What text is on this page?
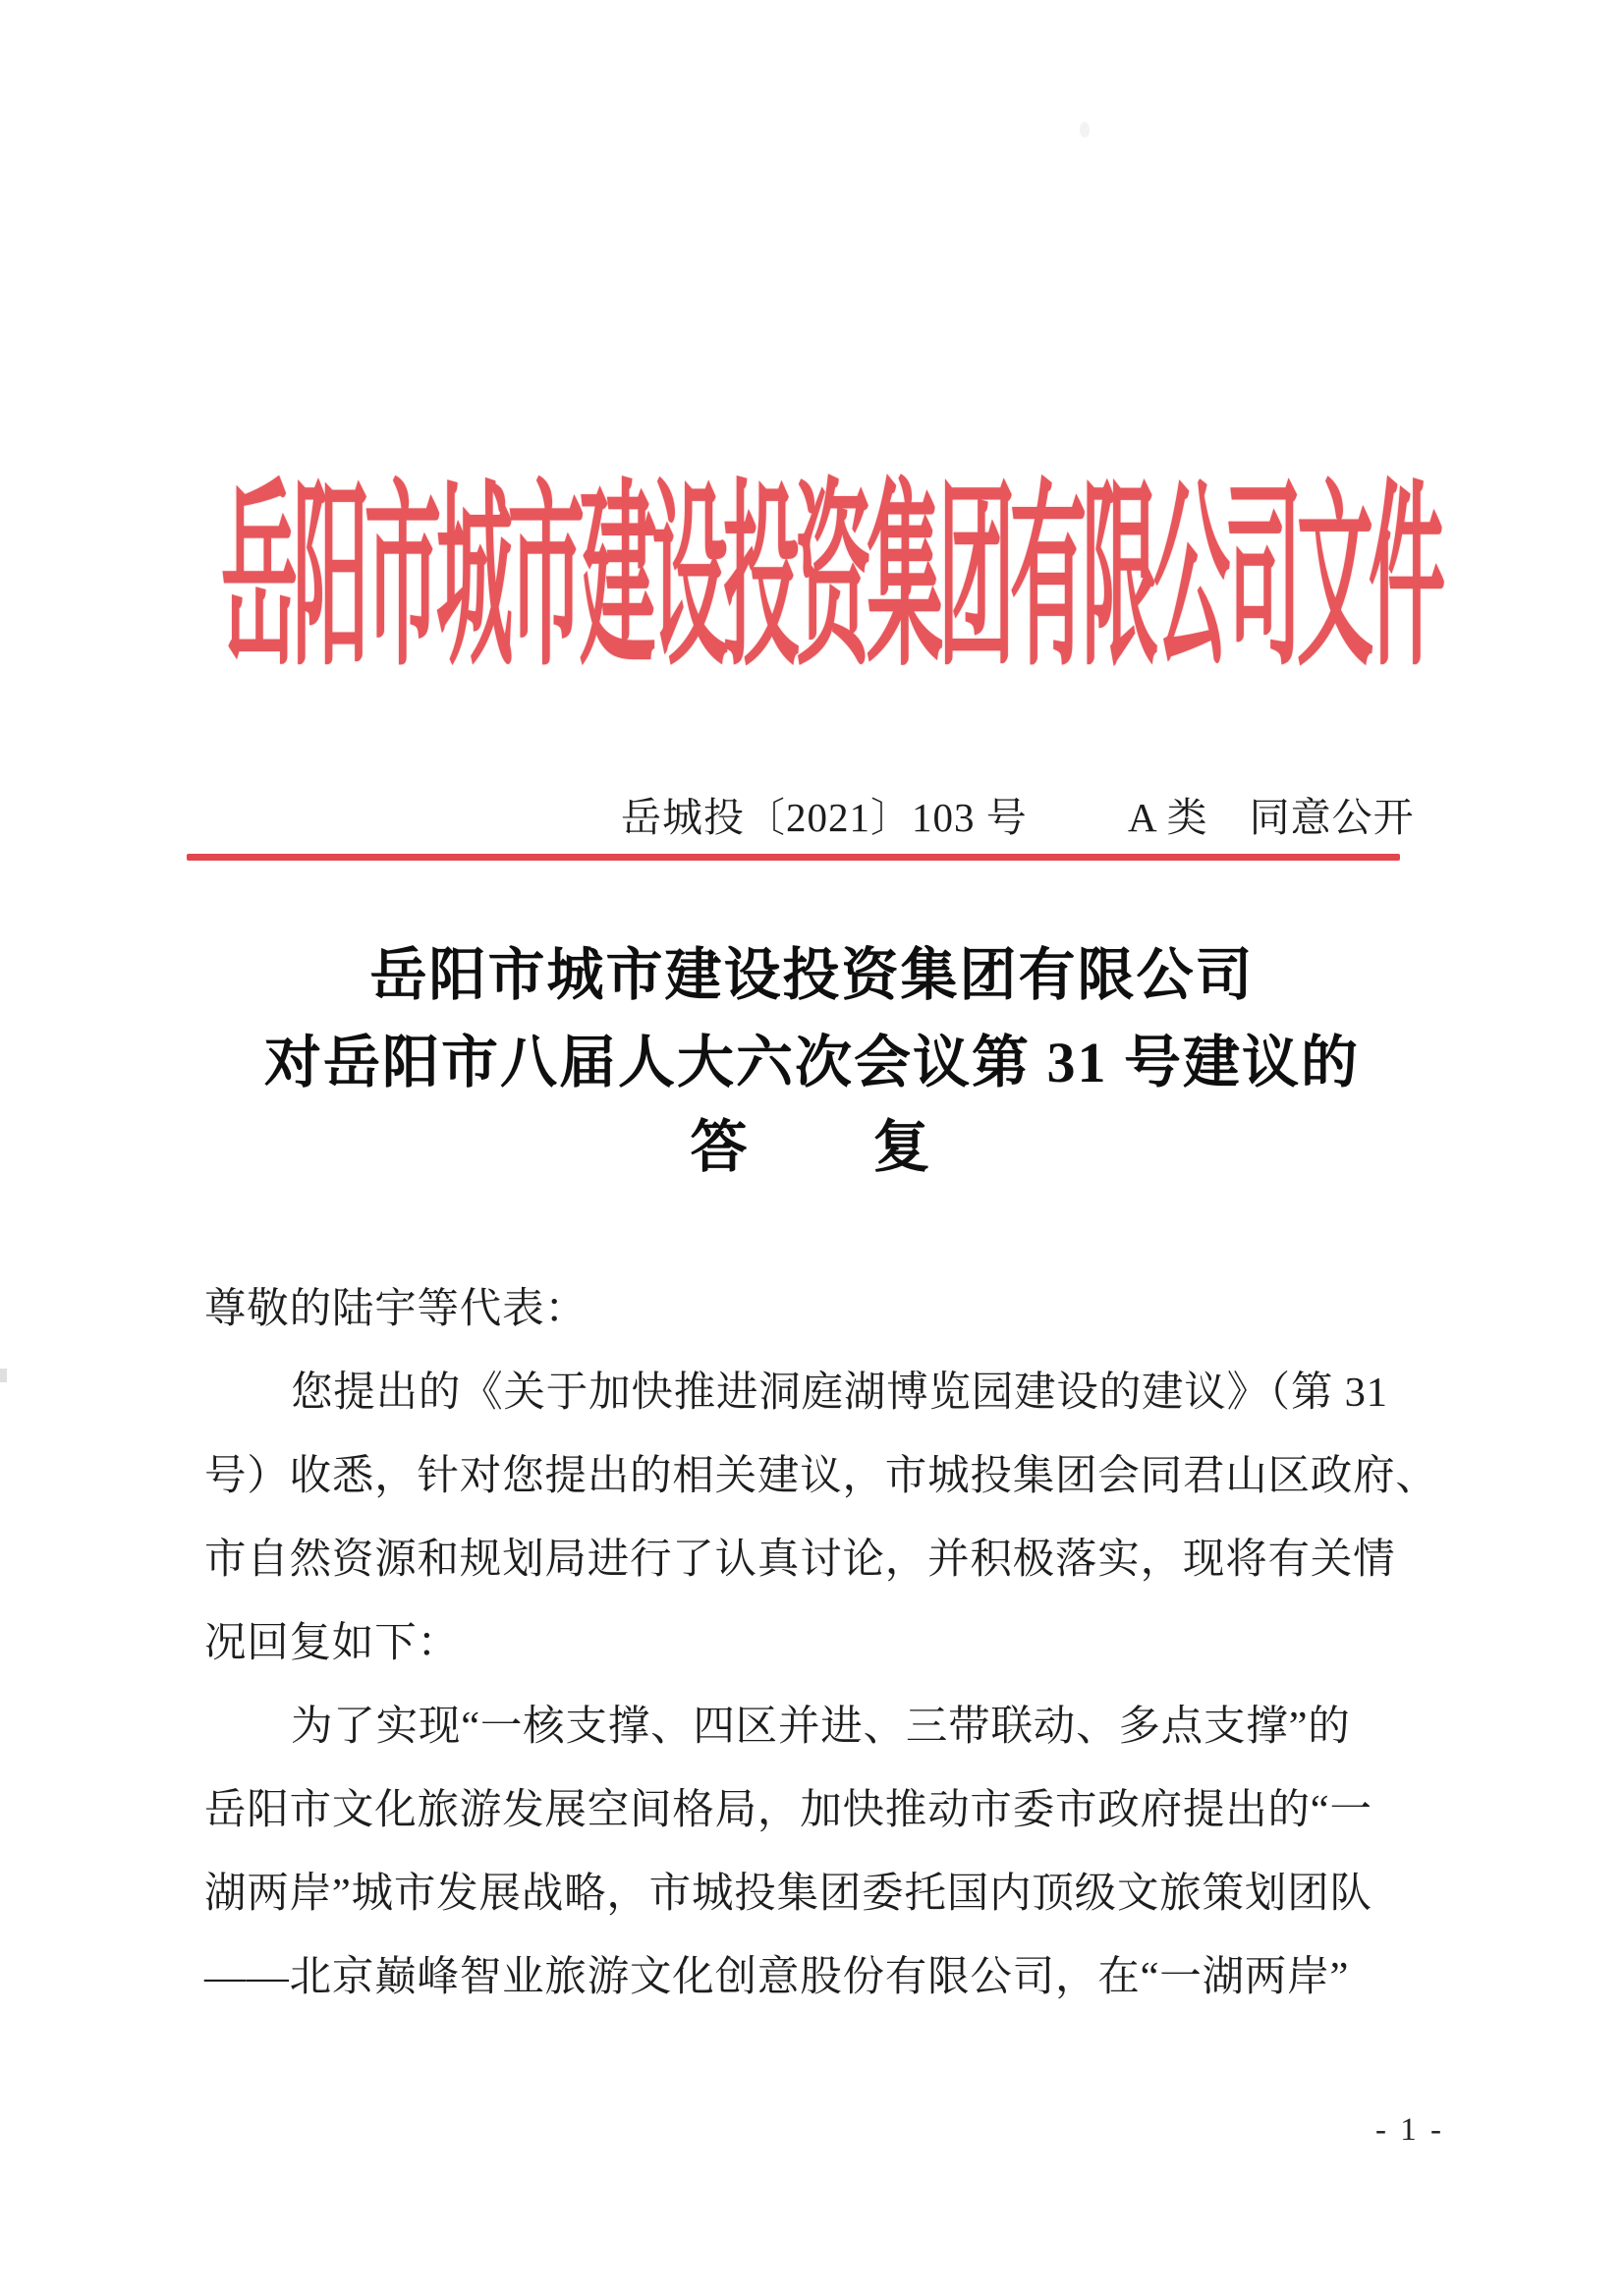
岳阳市城市建设投资集团有限公司文件
岳城投〔2021〕103 号 A 类　同意公开
岳阳市城市建设投资集团有限公司
对岳阳市八届人大六次会议第 31 号建议的
答　　复
尊敬的陆宇等代表：
您提出的《关于加快推进洞庭湖博览园建设的建议》（第 31
号）收悉，针对您提出的相关建议，市城投集团会同君山区政府、
市自然资源和规划局进行了认真讨论，并积极落实，现将有关情
况回复如下：
为了实现“一核支撑、四区并进、三带联动、多点支撑”的
岳阳市文化旅游发展空间格局，加快推动市委市政府提出的“一
湖两岸”城市发展战略，市城投集团委托国内顶级文旅策划团队
——北京巅峰智业旅游文化创意股份有限公司，在“一湖两岸”
- 1 -
